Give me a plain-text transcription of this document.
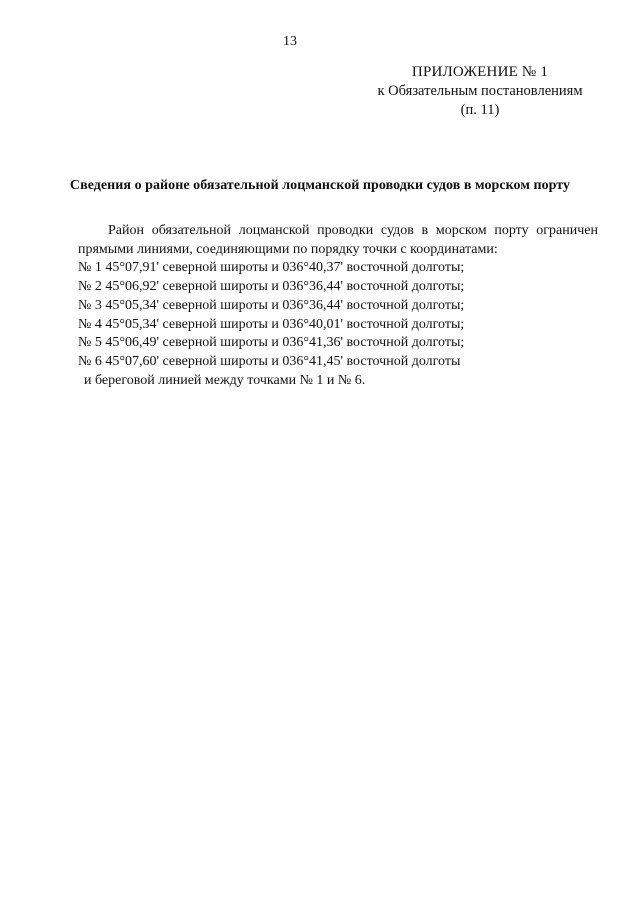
13
ПРИЛОЖЕНИЕ № 1
к Обязательным постановлениям
(п. 11)
Сведения о районе обязательной лоцманской проводки судов в морском порту

Район обязательной лоцманской проводки судов в морском порту ограничен прямыми линиями, соединяющими по порядку точки с координатами:

№ 1 45°07,91' северной широты и 036°40,37' восточной долготы;
№ 2 45°06,92' северной широты и 036°36,44' восточной долготы;
№ 3 45°05,34' северной широты и 036°36,44' восточной долготы;
№ 4 45°05,34' северной широты и 036°40,01' восточной долготы;
№ 5 45°06,49' северной широты и 036°41,36' восточной долготы;
№ 6 45°07,60' северной широты и 036°41,45' восточной долготы

и береговой линией между точками № 1 и № 6.
